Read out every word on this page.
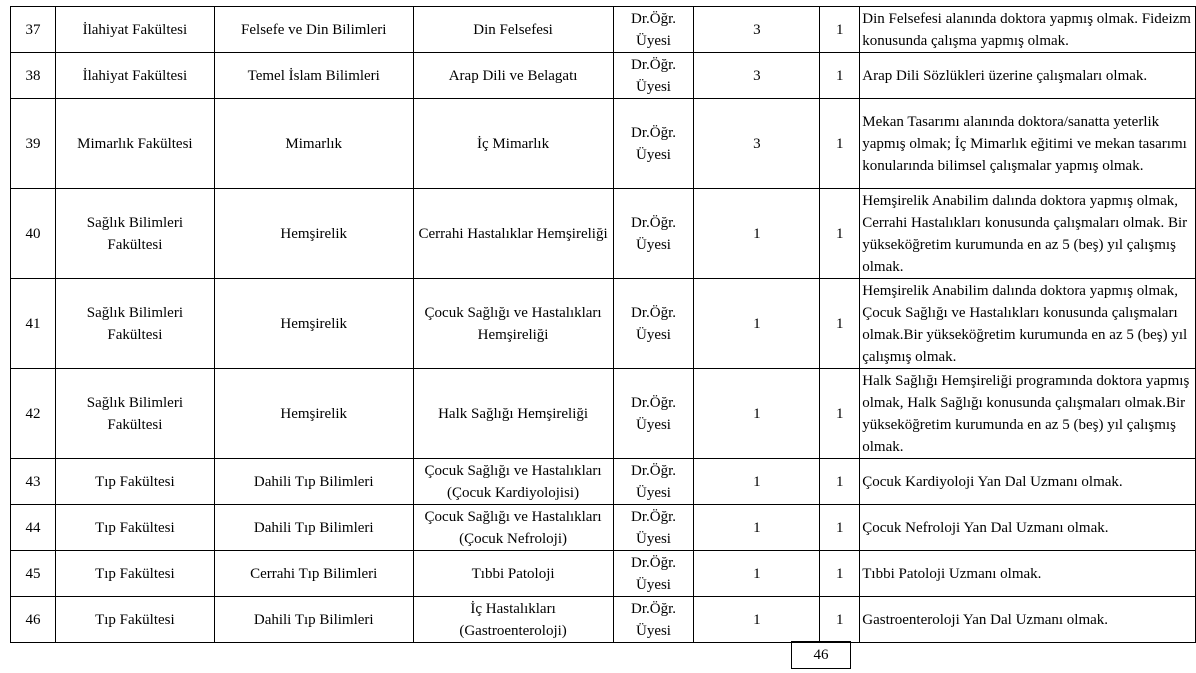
37	İlahiyat Fakültesi	Felsefe ve Din Bilimleri	Din Felsefesi	Dr.Öğr. Üyesi	3	1	Din Felsefesi alanında doktora yapmış olmak. Fideizm konusunda çalışma yapmış olmak.
38	İlahiyat Fakültesi	Temel İslam Bilimleri	Arap Dili ve Belagatı	Dr.Öğr. Üyesi	3	1	Arap Dili Sözlükleri üzerine çalışmaları olmak.
39	Mimarlık Fakültesi	Mimarlık	İç Mimarlık	Dr.Öğr. Üyesi	3	1	Mekan Tasarımı alanında doktora/sanatta yeterlik yapmış olmak; İç Mimarlık eğitimi ve mekan tasarımı konularında bilimsel çalışmalar yapmış olmak.
40	Sağlık Bilimleri Fakültesi	Hemşirelik	Cerrahi Hastalıklar Hemşireliği	Dr.Öğr. Üyesi	1	1	Hemşirelik Anabilim dalında doktora yapmış olmak, Cerrahi Hastalıkları konusunda çalışmaları olmak. Bir yükseköğretim kurumunda en az 5 (beş) yıl çalışmış olmak.
41	Sağlık Bilimleri Fakültesi	Hemşirelik	Çocuk Sağlığı ve Hastalıkları Hemşireliği	Dr.Öğr. Üyesi	1	1	Hemşirelik Anabilim dalında doktora yapmış olmak, Çocuk Sağlığı ve Hastalıkları konusunda çalışmaları olmak.Bir yükseköğretim kurumunda en az 5 (beş) yıl çalışmış olmak.
42	Sağlık Bilimleri Fakültesi	Hemşirelik	Halk Sağlığı Hemşireliği	Dr.Öğr. Üyesi	1	1	Halk Sağlığı Hemşireliği programında doktora yapmış olmak, Halk Sağlığı konusunda çalışmaları olmak.Bir yükseköğretim kurumunda en az 5 (beş) yıl çalışmış olmak.
43	Tıp Fakültesi	Dahili Tıp Bilimleri	Çocuk Sağlığı ve Hastalıkları (Çocuk Kardiyolojisi)	Dr.Öğr. Üyesi	1	1	Çocuk Kardiyoloji Yan Dal Uzmanı olmak.
44	Tıp Fakültesi	Dahili Tıp Bilimleri	Çocuk Sağlığı ve Hastalıkları (Çocuk Nefroloji)	Dr.Öğr. Üyesi	1	1	Çocuk Nefroloji Yan Dal Uzmanı olmak.
45	Tıp Fakültesi	Cerrahi Tıp Bilimleri	Tıbbi Patoloji	Dr.Öğr. Üyesi	1	1	Tıbbi Patoloji Uzmanı olmak.
46	Tıp Fakültesi	Dahili Tıp Bilimleri	İç Hastalıkları (Gastroenteroloji)	Dr.Öğr. Üyesi	1	1	Gastroenteroloji Yan Dal Uzmanı olmak.
46
